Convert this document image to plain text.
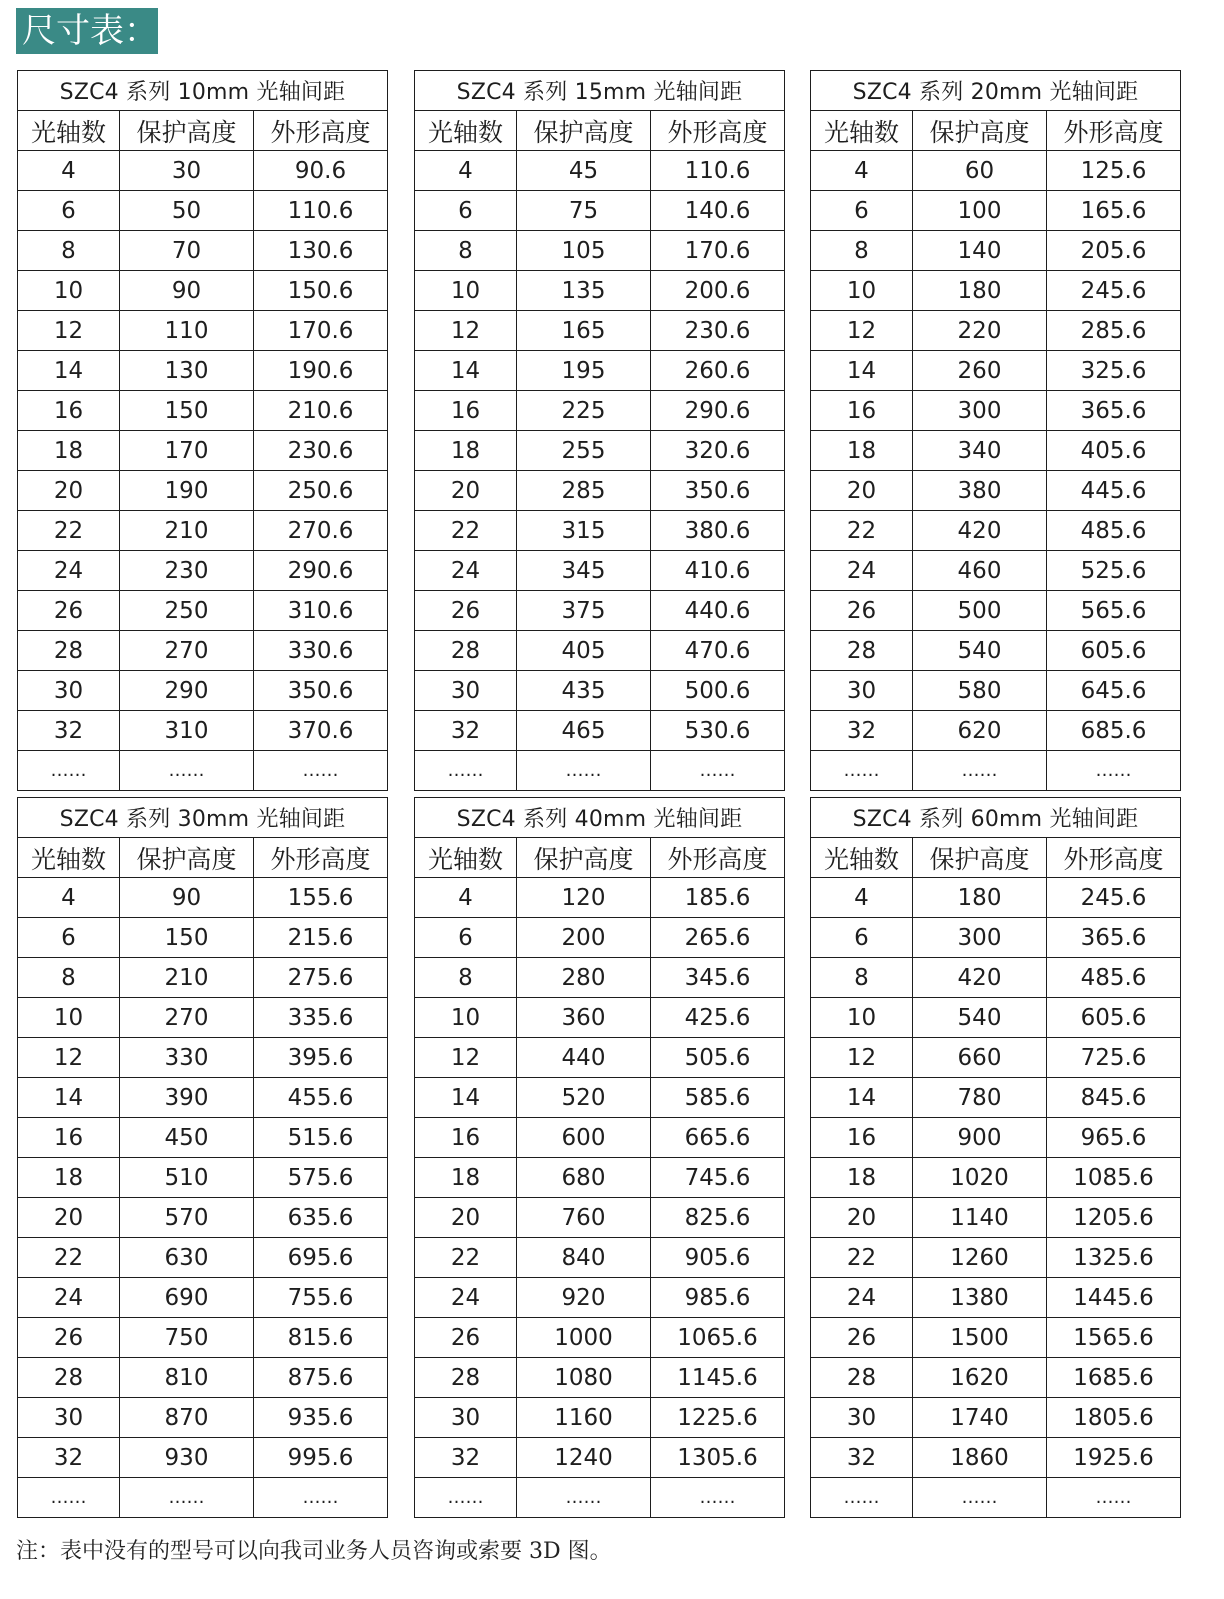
尺寸表：
SZC4 系列 10mm 光轴间距		
光轴数	保护高度	外形高度
4	30	90.6
6	50	110.6
8	70	130.6
10	90	150.6
12	110	170.6
14	130	190.6
16	150	210.6
18	170	230.6
20	190	250.6
22	210	270.6
24	230	290.6
26	250	310.6
28	270	330.6
30	290	350.6
32	310	370.6
……	……	……
SZC4 系列 15mm 光轴间距		
光轴数	保护高度	外形高度
4	45	110.6
6	75	140.6
8	105	170.6
10	135	200.6
12	165	230.6
14	195	260.6
16	225	290.6
18	255	320.6
20	285	350.6
22	315	380.6
24	345	410.6
26	375	440.6
28	405	470.6
30	435	500.6
32	465	530.6
……	……	……
SZC4 系列 20mm 光轴间距		
光轴数	保护高度	外形高度
4	60	125.6
6	100	165.6
8	140	205.6
10	180	245.6
12	220	285.6
14	260	325.6
16	300	365.6
18	340	405.6
20	380	445.6
22	420	485.6
24	460	525.6
26	500	565.6
28	540	605.6
30	580	645.6
32	620	685.6
……	……	……
SZC4 系列 30mm 光轴间距		
光轴数	保护高度	外形高度
4	90	155.6
6	150	215.6
8	210	275.6
10	270	335.6
12	330	395.6
14	390	455.6
16	450	515.6
18	510	575.6
20	570	635.6
22	630	695.6
24	690	755.6
26	750	815.6
28	810	875.6
30	870	935.6
32	930	995.6
……	……	……
SZC4 系列 40mm 光轴间距		
光轴数	保护高度	外形高度
4	120	185.6
6	200	265.6
8	280	345.6
10	360	425.6
12	440	505.6
14	520	585.6
16	600	665.6
18	680	745.6
20	760	825.6
22	840	905.6
24	920	985.6
26	1000	1065.6
28	1080	1145.6
30	1160	1225.6
32	1240	1305.6
……	……	……
SZC4 系列 60mm 光轴间距		
光轴数	保护高度	外形高度
4	180	245.6
6	300	365.6
8	420	485.6
10	540	605.6
12	660	725.6
14	780	845.6
16	900	965.6
18	1020	1085.6
20	1140	1205.6
22	1260	1325.6
24	1380	1445.6
26	1500	1565.6
28	1620	1685.6
30	1740	1805.6
32	1860	1925.6
……	……	……
注：表中没有的型号可以向我司业务人员咨询或索要 3D 图。
